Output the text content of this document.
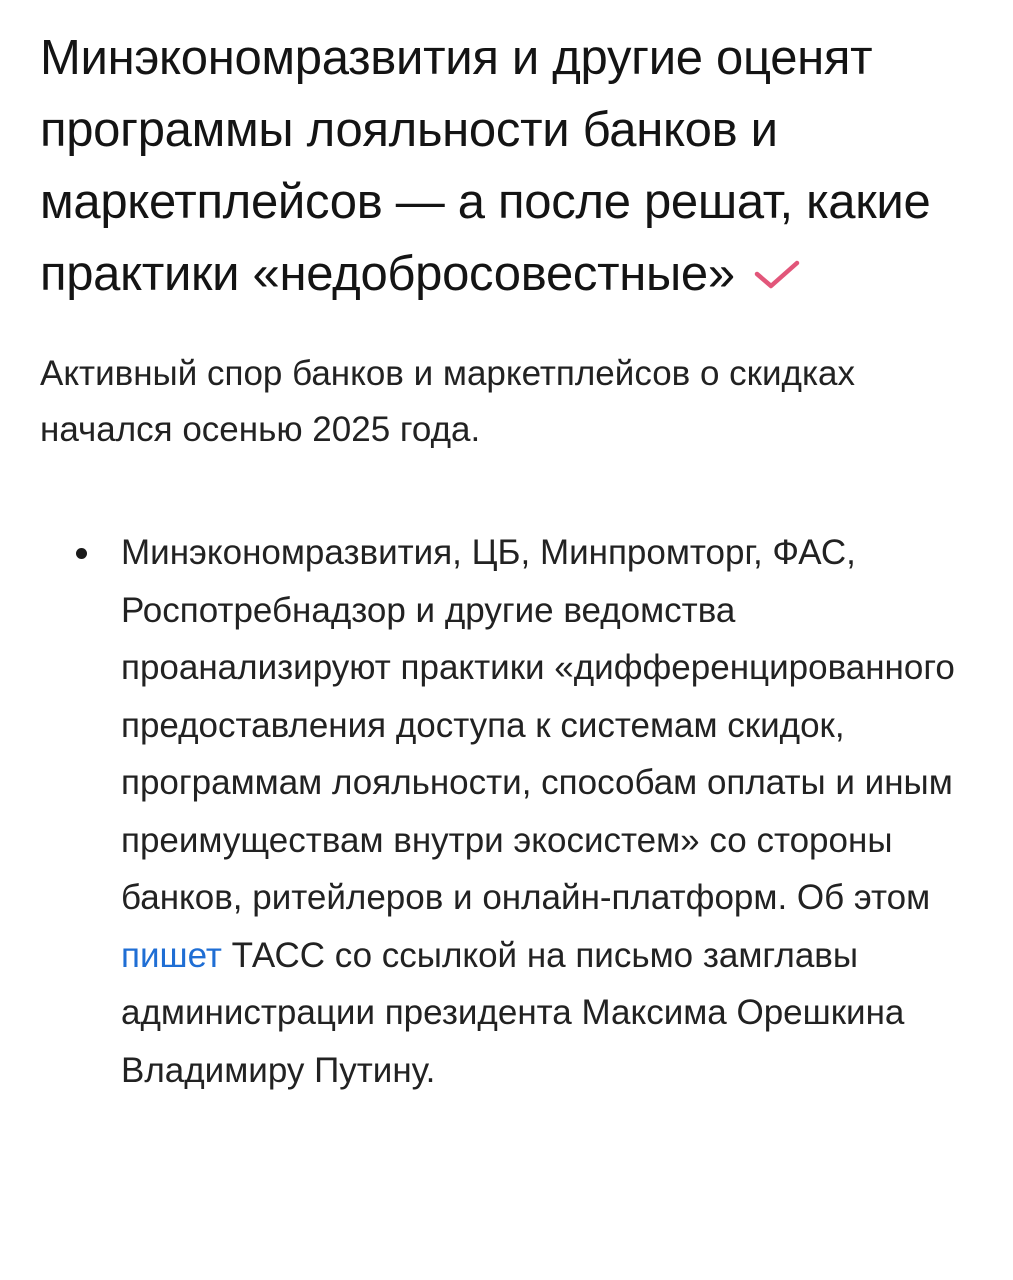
Минэкономразвития и другие оценят программы лояльности банков и маркетплейсов — а после решат, какие практики «недобросовестные»

Активный спор банков и маркетплейсов о скидках начался осенью 2025 года.

Минэкономразвития, ЦБ, Минпромторг, ФАС, Роспотребнадзор и другие ведомства проанализируют практики «дифференцированного предоставления доступа к системам скидок, программам лояльности, способам оплаты и иным преимуществам внутри экосистем» со стороны банков, ритейлеров и онлайн-платформ. Об этом пишет ТАСС со ссылкой на письмо замглавы администрации президента Максима Орешкина Владимиру Путину.
